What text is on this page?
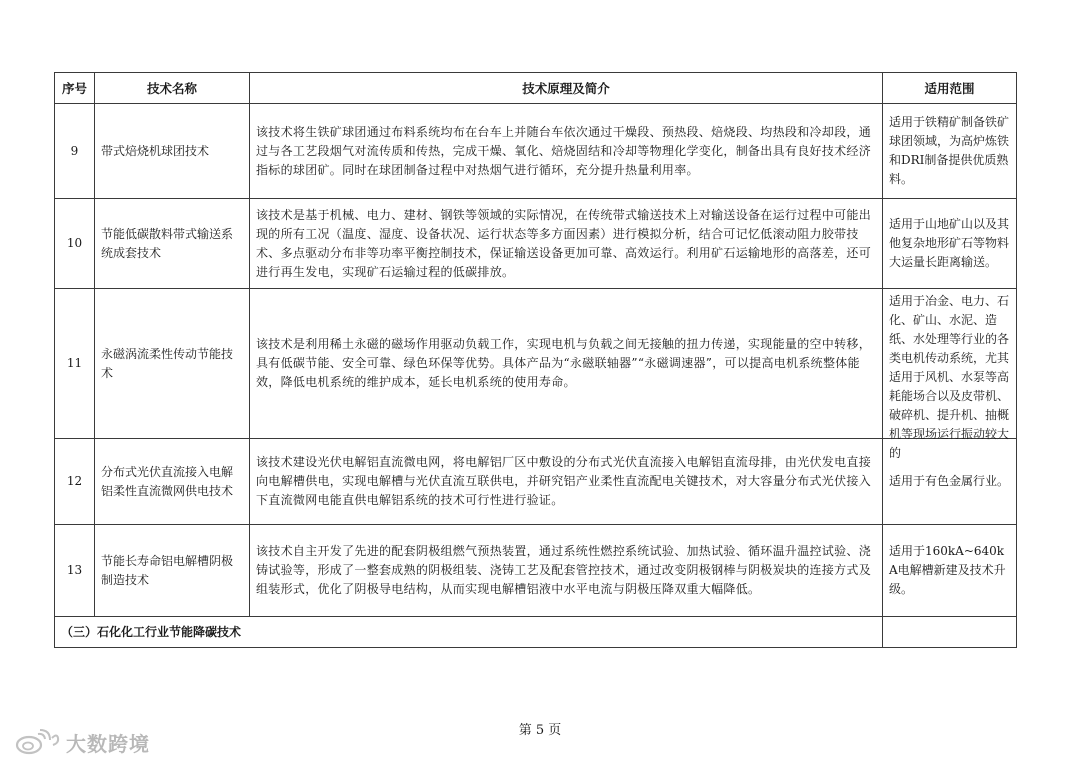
序号	技术名称	技术原理及简介	适用范围
9	带式焙烧机球团技术	该技术将生铁矿球团通过布料系统均布在台车上并随台车依次通过干燥段、预热段、焙烧段、均热段和冷却段，通过与各工艺段烟气对流传质和传热，完成干燥、氧化、焙烧固结和冷却等物理化学变化，制备出具有良好技术经济指标的球团矿。同时在球团制备过程中对热烟气进行循环，充分提升热量利用率。	适用于铁精矿制备铁矿球团领域，为高炉炼铁和DRI制备提供优质熟料。
10	节能低碳散料带式输送系统成套技术	该技术是基于机械、电力、建材、钢铁等领域的实际情况，在传统带式输送技术上对输送设备在运行过程中可能出现的所有工况（温度、湿度、设备状况、运行状态等多方面因素）进行模拟分析，结合可记忆低滚动阻力胶带技术、多点驱动分布非等功率平衡控制技术，保证输送设备更加可靠、高效运行。利用矿石运输地形的高落差，还可进行再生发电，实现矿石运输过程的低碳排放。	适用于山地矿山以及其他复杂地形矿石等物料大运量长距离输送。
11	永磁涡流柔性传动节能技术	该技术是利用稀土永磁的磁场作用驱动负载工作，实现电机与负载之间无接触的扭力传递，实现能量的空中转移，具有低碳节能、安全可靠、绿色环保等优势。具体产品为“永磁联轴器”“永磁调速器”，可以提高电机系统整体能效，降低电机系统的维护成本，延长电机系统的使用寿命。	适用于冶金、电力、石化、矿山、水泥、造纸、水处理等行业的各类电机传动系统，尤其适用于风机、水泵等高耗能场合以及皮带机、破碎机、提升机、抽概机等现场运行振动较大的

12	分布式光伏直流接入电解铝柔性直流微网供电技术	该技术建设光伏电解铝直流微电网，将电解铝厂区中敷设的分布式光伏直流接入电解铝直流母排，由光伏发电直接向电解槽供电，实现电解槽与光伏直流互联供电，并研究铝产业柔性直流配电关键技术，对大容量分布式光伏接入下直流微网电能直供电解铝系统的技术可行性进行验证。	适用于有色金属行业。
13	节能长寿命铝电解槽阴极制造技术	该技术自主开发了先进的配套阴极组燃气预热装置，通过系统性燃控系统试验、加热试验、循环温升温控试验、浇铸试验等，形成了一整套成熟的阴极组装、浇铸工艺及配套管控技术，通过改变阴极钢棒与阴极炭块的连接方式及组装形式，优化了阴极导电结构，从而实现电解槽铝液中水平电流与阴极压降双重大幅降低。	适用于160kA~640kA电解槽新建及技术升级。
（三）石化化工行业节能降碳技术			
第 5 页
大数跨境
